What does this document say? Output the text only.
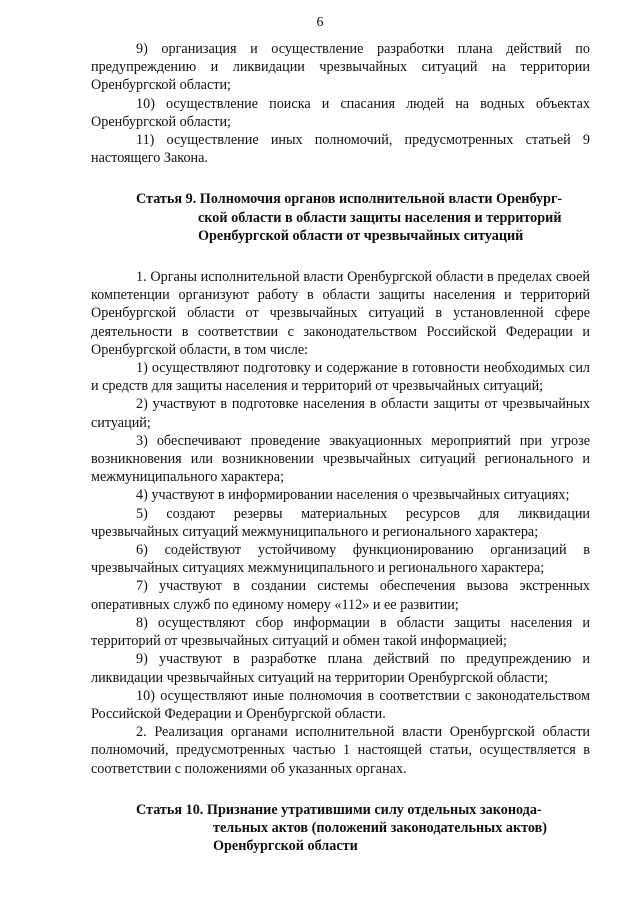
6

9) организация и осуществление разработки плана действий по предупреждению и ликвидации чрезвычайных ситуаций на территории Оренбургской области;

10) осуществление поиска и спасания людей на водных объектах Оренбургской области;

11) осуществление иных полномочий, предусмотренных статьей 9 настоящего Закона.

Статья 9. Полномочия органов исполнительной власти Оренбург-
ской области в области защиты населения и территорий
Оренбургской области от чрезвычайных ситуаций

1. Органы исполнительной власти Оренбургской области в пределах своей компетенции организуют работу в области защиты населения и территорий Оренбургской области от чрезвычайных ситуаций в установленной сфере деятельности в соответствии с законодательством Российской Федерации и Оренбургской области, в том числе:

1) осуществляют подготовку и содержание в готовности необходимых сил и средств для защиты населения и территорий от чрезвычайных ситуаций;

2) участвуют в подготовке населения в области защиты от чрезвычайных ситуаций;

3) обеспечивают проведение эвакуационных мероприятий при угрозе возникновения или возникновении чрезвычайных ситуаций регионального и межмуниципального характера;

4) участвуют в информировании населения о чрезвычайных ситуациях;

5) создают резервы материальных ресурсов для ликвидации чрезвычайных ситуаций межмуниципального и регионального характера;

6) содействуют устойчивому функционированию организаций в чрезвычайных ситуациях межмуниципального и регионального характера;

7) участвуют в создании системы обеспечения вызова экстренных оперативных служб по единому номеру «112» и ее развитии;

8) осуществляют сбор информации в области защиты населения и территорий от чрезвычайных ситуаций и обмен такой информацией;

9) участвуют в разработке плана действий по предупреждению и ликвидации чрезвычайных ситуаций на территории Оренбургской области;

10) осуществляют иные полномочия в соответствии с законодательством Российской Федерации и Оренбургской области.

2. Реализация органами исполнительной власти Оренбургской области полномочий, предусмотренных частью 1 настоящей статьи, осуществляется в соответствии с положениями об указанных органах.

Статья 10. Признание утратившими силу отдельных законода-
тельных актов (положений законодательных актов)
Оренбургской области
